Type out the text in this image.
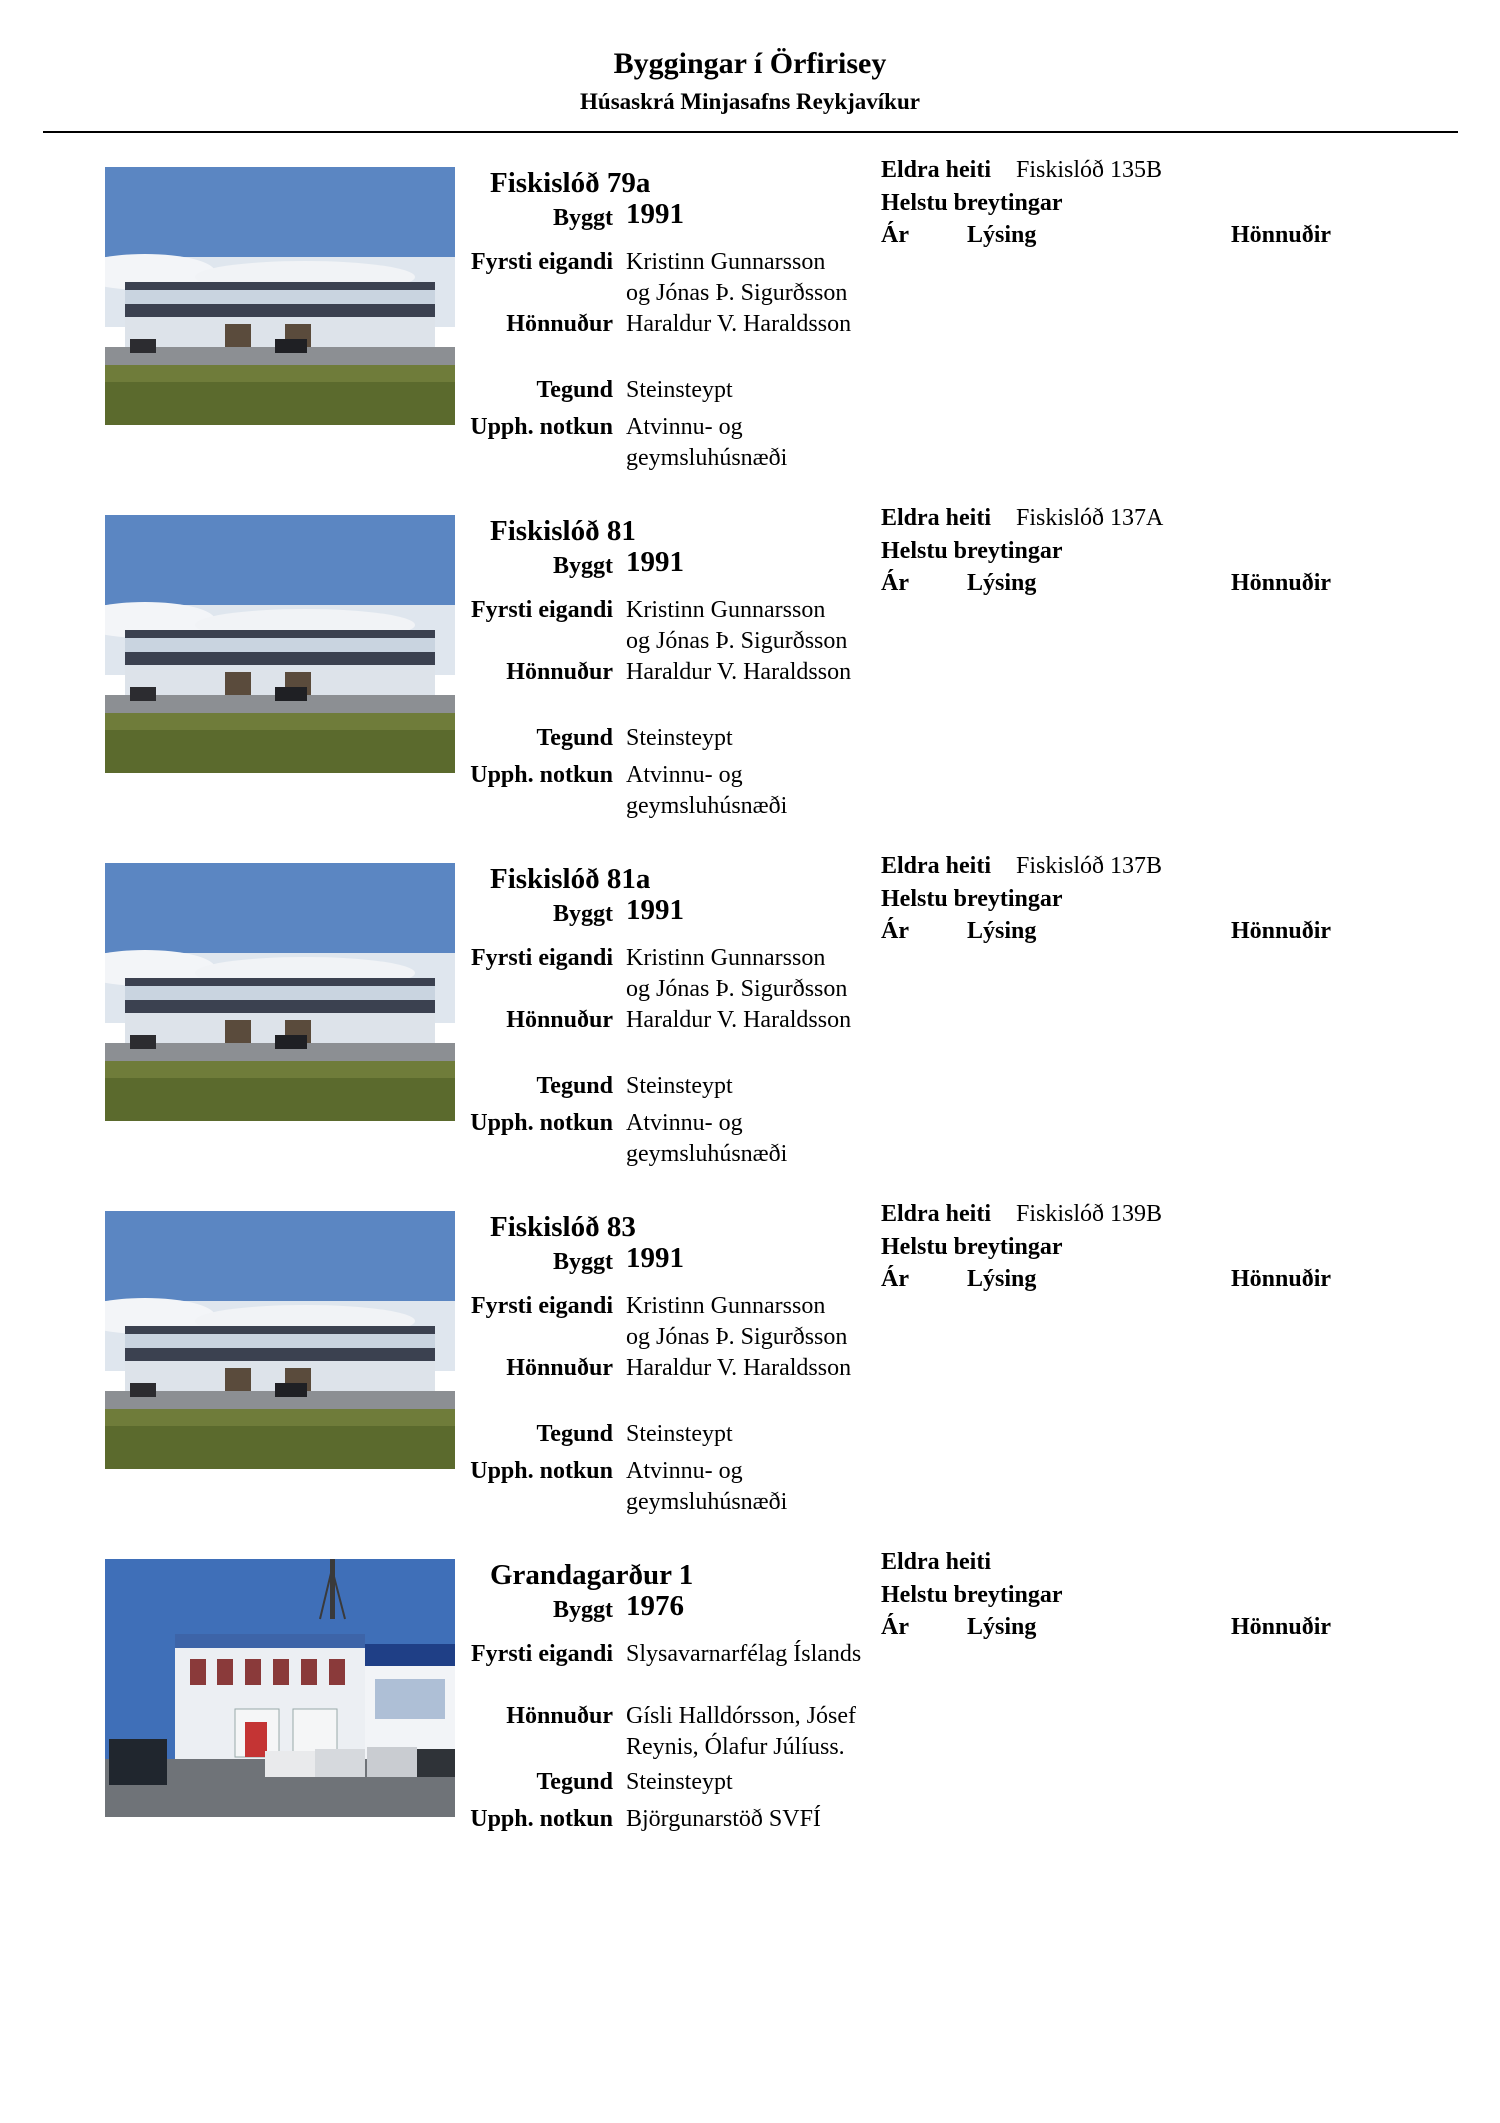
Byggingar í Örfirisey
Húsaskrá Minjasafns Reykjavíkur
Fiskislóð 79a
Byggt 1991
Fyrsti eigandi Kristinn Gunnarsson
og Jónas Þ. Sigurðsson
Hönnuður Haraldur V. Haraldsson
Tegund Steinsteypt
Upph. notkun Atvinnu- og
geymsluhúsnæði
Eldra heiti Fiskislóð 135B
Helstu breytingar
Ár Lýsing	Hönnuðir
Fiskislóð 81
Byggt 1991
Fyrsti eigandi Kristinn Gunnarsson
og Jónas Þ. Sigurðsson
Hönnuður Haraldur V. Haraldsson
Tegund Steinsteypt
Upph. notkun Atvinnu- og
geymsluhúsnæði
Eldra heiti Fiskislóð 137A
Helstu breytingar
Ár Lýsing	Hönnuðir
Fiskislóð 81a
Byggt 1991
Fyrsti eigandi Kristinn Gunnarsson
og Jónas Þ. Sigurðsson
Hönnuður Haraldur V. Haraldsson
Tegund Steinsteypt
Upph. notkun Atvinnu- og
geymsluhúsnæði
Eldra heiti Fiskislóð 137B
Helstu breytingar
Ár Lýsing	Hönnuðir
Fiskislóð 83
Byggt 1991
Fyrsti eigandi Kristinn Gunnarsson
og Jónas Þ. Sigurðsson
Hönnuður Haraldur V. Haraldsson
Tegund Steinsteypt
Upph. notkun Atvinnu- og
geymsluhúsnæði
Eldra heiti Fiskislóð 139B
Helstu breytingar
Ár Lýsing	Hönnuðir
Grandagarður 1
Byggt 1976
Fyrsti eigandi Slysavarnarfélag Íslands
Hönnuður Gísli Halldórsson, Jósef
Reynis, Ólafur Júlíuss.
Tegund Steinsteypt
Upph. notkun Björgunarstöð SVFÍ
Eldra heiti
Helstu breytingar
Ár Lýsing	Hönnuðir
